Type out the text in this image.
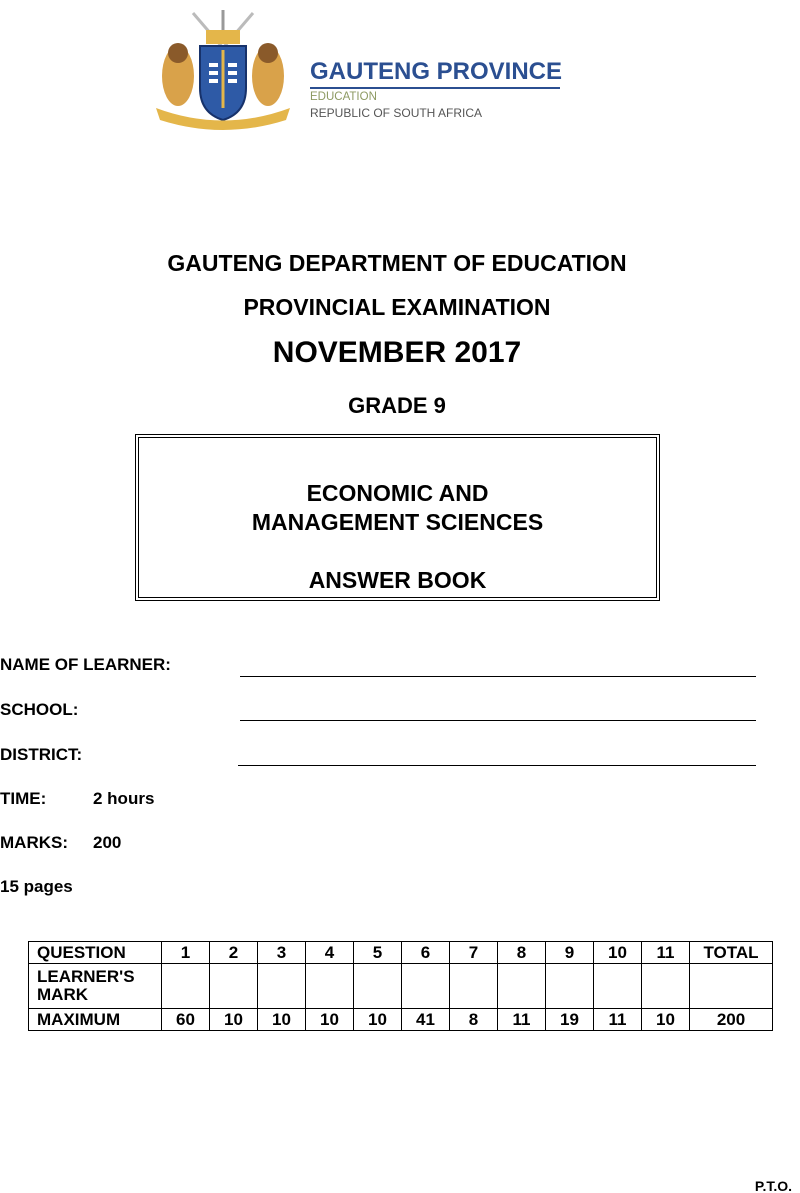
GAUTENG PROVINCE
EDUCATION
REPUBLIC OF SOUTH AFRICA
GAUTENG DEPARTMENT OF EDUCATION
PROVINCIAL EXAMINATION
NOVEMBER 2017
GRADE 9
ECONOMIC AND
MANAGEMENT SCIENCES
ANSWER BOOK
NAME OF LEARNER:
SCHOOL:
DISTRICT:
TIME:	2 hours
MARKS: 200
15 pages
QUESTION	1	2	3	4	5	6	7	8	9	10	11	TOTAL
LEARNER'S MARK												
MAXIMUM	60	10	10	10	10	41	8	11	19	11	10	200
P.T.O.
